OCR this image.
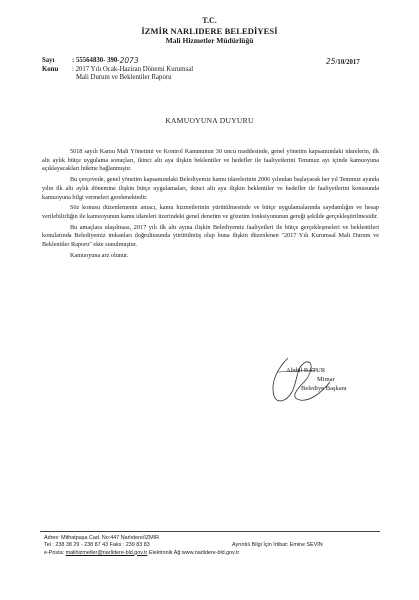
T.C.
İZMİR NARLIDERE BELEDİYESİ
Mali Hizmetler Müdürlüğü
Sayı	: 55564830- 390- 2073
Konu	: 2017 Yılı Ocak-Haziran Dönemi Kurumsal
Mali Durum ve Beklentiler Raporu
25/10/2017
KAMUOYUNA DUYURU

5018 sayılı Kamu Mali Yönetimi ve Kontrol Kanununun 30 uncu maddesinde, genel yönetim kapsamındaki idarelerin, ilk altı aylık bütçe uygulama sonuçları, ikinci altı aya ilişkin beklentiler ve hedefler ile faaliyetlerini Temmuz ayı içinde kamuoyuna açıklayacakları hükme bağlanmıştır.

Bu çerçevede, genel yönetim kapsamındaki Belediyemiz kamu idarelerinin 2006 yılından başlayarak her yıl Temmuz ayında yılın ilk altı aylık dönemine ilişkin bütçe uygulamaları, ikinci altı aya ilişkin beklentiler ve hedefler ile faaliyetlerini konusunda kamuoyuna bilgi vermeleri gerekmektedir.

Söz konusu düzenlemenin amacı, kamu hizmetlerinin yürütülmesinde ve bütçe uygulamalarında saydamlığın ve hesap verilebilirliğin ile kamuoyunun kamu idareleri üzerindeki genel denetim ve gözetim fonksiyonunun gereği şekilde gerçekleştirilmesidir.

Bu amaçlara ulaşılması, 2017 yılı ilk altı ayına ilişkin Belediyemiz faaliyetleri ile bütçe gerçekleşmeleri ve beklentileri konularında Belediyemiz imkanları doğrultusunda yürütülmüş olup buna ilişkin düzenlenen "2017 Yılı Kurumsal Mali Durum ve Beklentiler Raporu" ekte sunulmuştur.

Kamuoyuna arz olunur.

Abdül BATUR
Mimar
Belediye Başkanı
Adres: Mithatpaşa Cad. No:447 Narlıdere/İZMİR
Tel : 238 38 29 - 238 87 43 Faks : 239 83 83
e-Posta: malihizmetler@narlidere-bld.gov.tr Elektronik Ağ:www.narlidere-bld.gov.tr
Ayrıntılı Bilgi İçin İrtibat: Emine SEVİN
